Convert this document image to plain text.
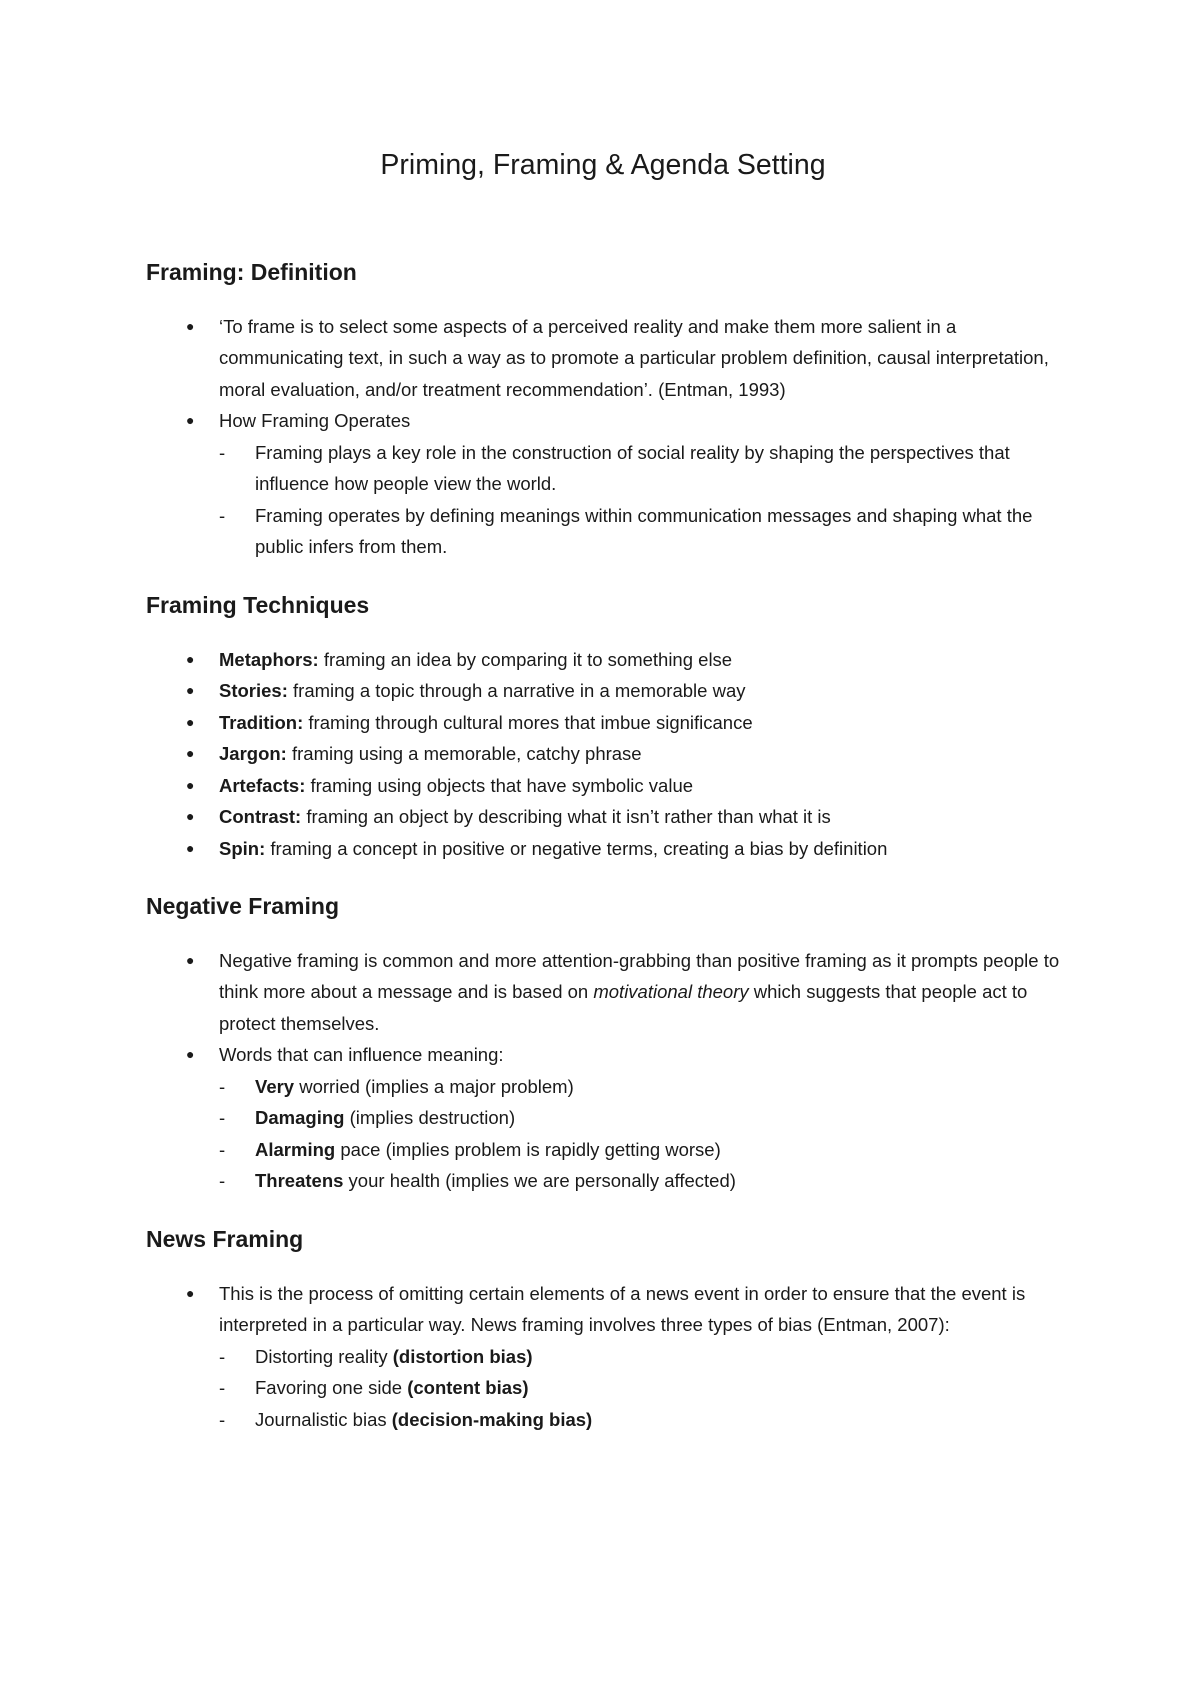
Priming, Framing & Agenda Setting
Framing: Definition
● ‘To frame is to select some aspects of a perceived reality and make them more salient in a communicating text, in such a way as to promote a particular problem definition, causal interpretation, moral evaluation, and/or treatment recommendation’. (Entman, 1993)
● How Framing Operates
- Framing plays a key role in the construction of social reality by shaping the perspectives that influence how people view the world.
- Framing operates by defining meanings within communication messages and shaping what the public infers from them.
Framing Techniques
● Metaphors: framing an idea by comparing it to something else
● Stories: framing a topic through a narrative in a memorable way
● Tradition: framing through cultural mores that imbue significance
● Jargon: framing using a memorable, catchy phrase
● Artefacts: framing using objects that have symbolic value
● Contrast: framing an object by describing what it isn’t rather than what it is
● Spin: framing a concept in positive or negative terms, creating a bias by definition
Negative Framing
● Negative framing is common and more attention-grabbing than positive framing as it prompts people to think more about a message and is based on motivational theory which suggests that people act to protect themselves.
● Words that can influence meaning:
- Very worried (implies a major problem)
- Damaging (implies destruction)
- Alarming pace (implies problem is rapidly getting worse)
- Threatens your health (implies we are personally affected)
News Framing
● This is the process of omitting certain elements of a news event in order to ensure that the event is interpreted in a particular way. News framing involves three types of bias (Entman, 2007):
- Distorting reality (distortion bias)
- Favoring one side (content bias)
- Journalistic bias (decision-making bias)
